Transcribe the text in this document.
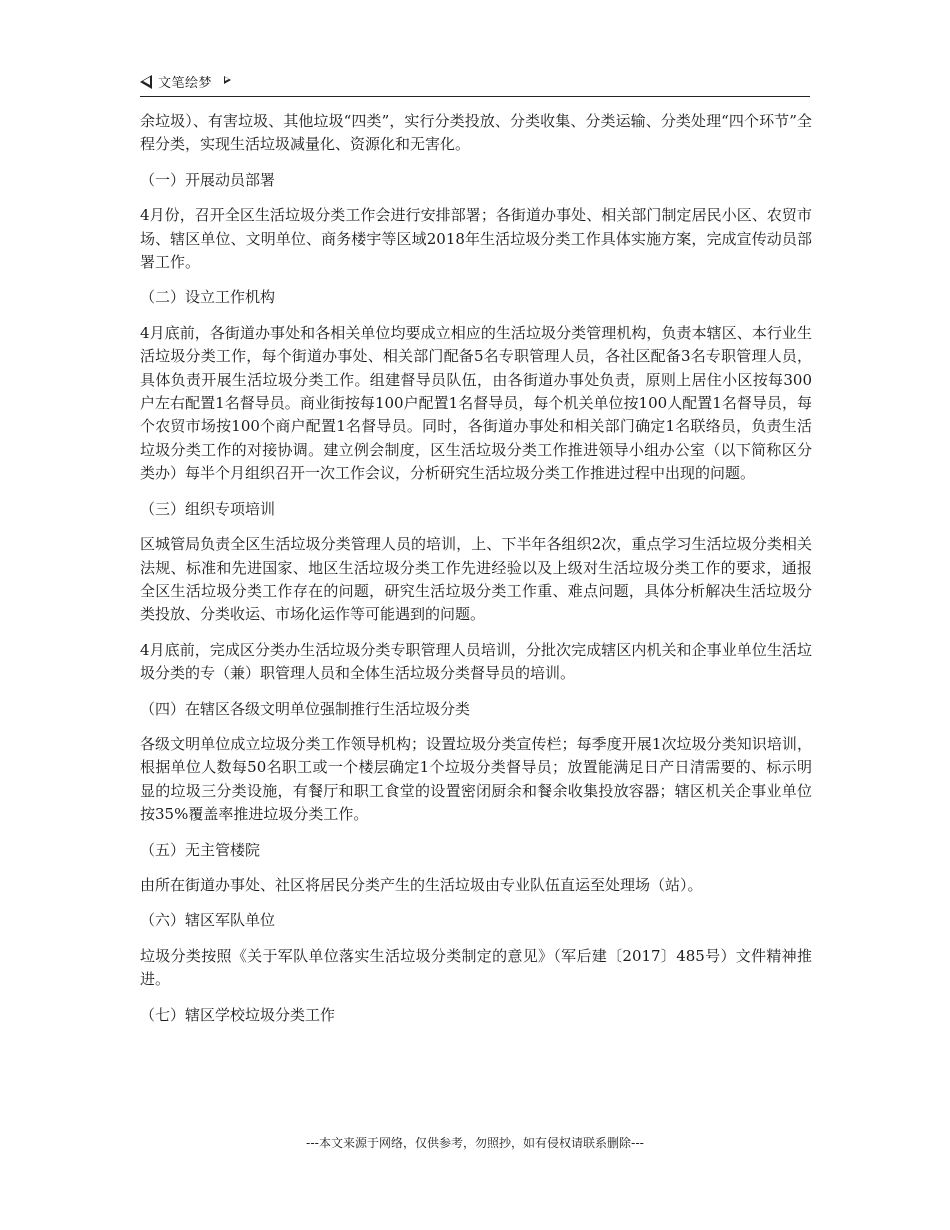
文笔绘梦

余垃圾）、有害垃圾、其他垃圾“四类”，实行分类投放、分类收集、分类运输、分类处理“四个环节”全程分类，实现生活垃圾减量化、资源化和无害化。

（一）开展动员部署

4月份，召开全区生活垃圾分类工作会进行安排部署；各街道办事处、相关部门制定居民小区、农贸市场、辖区单位、文明单位、商务楼宇等区域2018年生活垃圾分类工作具体实施方案，完成宣传动员部署工作。

（二）设立工作机构

4月底前，各街道办事处和各相关单位均要成立相应的生活垃圾分类管理机构，负责本辖区、本行业生活垃圾分类工作，每个街道办事处、相关部门配备5名专职管理人员，各社区配备3名专职管理人员，具体负责开展生活垃圾分类工作。组建督导员队伍，由各街道办事处负责，原则上居住小区按每300户左右配置1名督导员。商业街按每100户配置1名督导员，每个机关单位按100人配置1名督导员，每个农贸市场按100个商户配置1名督导员。同时，各街道办事处和相关部门确定1名联络员，负责生活垃圾分类工作的对接协调。建立例会制度，区生活垃圾分类工作推进领导小组办公室（以下简称区分类办）每半个月组织召开一次工作会议，分析研究生活垃圾分类工作推进过程中出现的问题。

（三）组织专项培训

区城管局负责全区生活垃圾分类管理人员的培训，上、下半年各组织2次，重点学习生活垃圾分类相关法规、标准和先进国家、地区生活垃圾分类工作先进经验以及上级对生活垃圾分类工作的要求，通报全区生活垃圾分类工作存在的问题，研究生活垃圾分类工作重、难点问题，具体分析解决生活垃圾分类投放、分类收运、市场化运作等可能遇到的问题。

4月底前，完成区分类办生活垃圾分类专职管理人员培训，分批次完成辖区内机关和企事业单位生活垃圾分类的专（兼）职管理人员和全体生活垃圾分类督导员的培训。

（四）在辖区各级文明单位强制推行生活垃圾分类

各级文明单位成立垃圾分类工作领导机构；设置垃圾分类宣传栏；每季度开展1次垃圾分类知识培训，根据单位人数每50名职工或一个楼层确定1个垃圾分类督导员；放置能满足日产日清需要的、标示明显的垃圾三分类设施，有餐厅和职工食堂的设置密闭厨余和餐余收集投放容器；辖区机关企事业单位按35%覆盖率推进垃圾分类工作。

（五）无主管楼院

由所在街道办事处、社区将居民分类产生的生活垃圾由专业队伍直运至处理场（站）。

（六）辖区军队单位

垃圾分类按照《关于军队单位落实生活垃圾分类制定的意见》（军后建〔2017〕485号）文件精神推进。

（七）辖区学校垃圾分类工作

---本文来源于网络，仅供参考，勿照抄，如有侵权请联系删除---
